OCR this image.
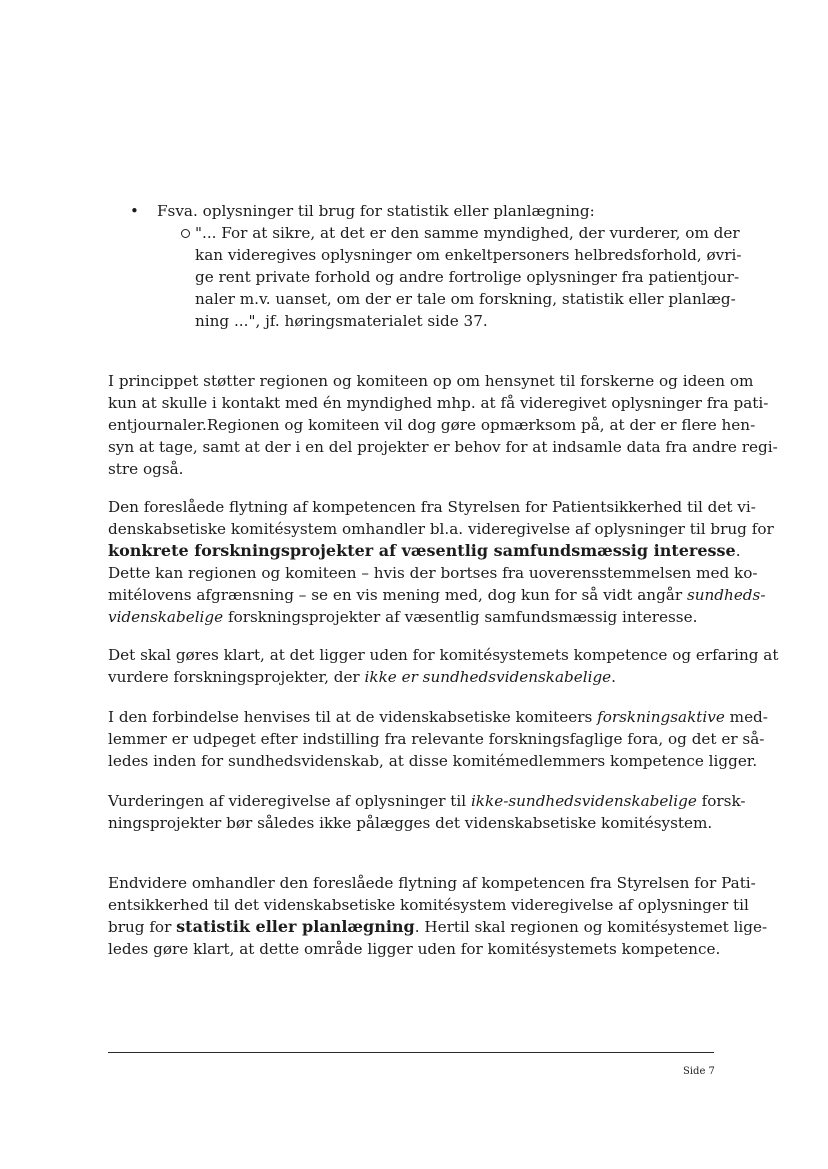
• Fsva. oplysninger til brug for statistik eller planlægning:
"... For at sikre, at det er den samme myndighed, der vurderer, om der
kan videregives oplysninger om enkeltpersoners helbredsforhold, øvri-
ge rent private forhold og andre fortrolige oplysninger fra patientjour-
naler m.v. uanset, om der er tale om forskning, statistik eller planlæg-
ning ...", jf. høringsmaterialet side 37.
I princippet støtter regionen og komiteen op om hensynet til forskerne og ideen om
kun at skulle i kontakt med én myndighed mhp. at få videregivet oplysninger fra pati-
entjournaler.Regionen og komiteen vil dog gøre opmærksom på, at der er flere hen-
syn at tage, samt at der i en del projekter er behov for at indsamle data fra andre regi-
stre også.
Den foreslåede flytning af kompetencen fra Styrelsen for Patientsikkerhed til det vi-
denskabsetiske komitésystem omhandler bl.a. videregivelse af oplysninger til brug for
konkrete forskningsprojekter af væsentlig samfundsmæssig interesse.
Dette kan regionen og komiteen – hvis der bortses fra uoverensstemmelsen med ko-
mitélovens afgrænsning – se en vis mening med, dog kun for så vidt angår sundheds-
videnskabelige forskningsprojekter af væsentlig samfundsmæssig interesse.
Det skal gøres klart, at det ligger uden for komitésystemets kompetence og erfaring at
vurdere forskningsprojekter, der ikke er sundhedsvidenskabelige.
I den forbindelse henvises til at de videnskabsetiske komiteers forskningsaktive med-
lemmer er udpeget efter indstilling fra relevante forskningsfaglige fora, og det er så-
ledes inden for sundhedsvidenskab, at disse komitémedlemmers kompetence ligger.
Vurderingen af videregivelse af oplysninger til ikke-sundhedsvidenskabelige forsk-
ningsprojekter bør således ikke pålægges det videnskabsetiske komitésystem.
Endvidere omhandler den foreslåede flytning af kompetencen fra Styrelsen for Pati-
entsikkerhed til det videnskabsetiske komitésystem videregivelse af oplysninger til
brug for statistik eller planlægning. Hertil skal regionen og komitésystemet lige-
ledes gøre klart, at dette område ligger uden for komitésystemets kompetence.
Side 7
